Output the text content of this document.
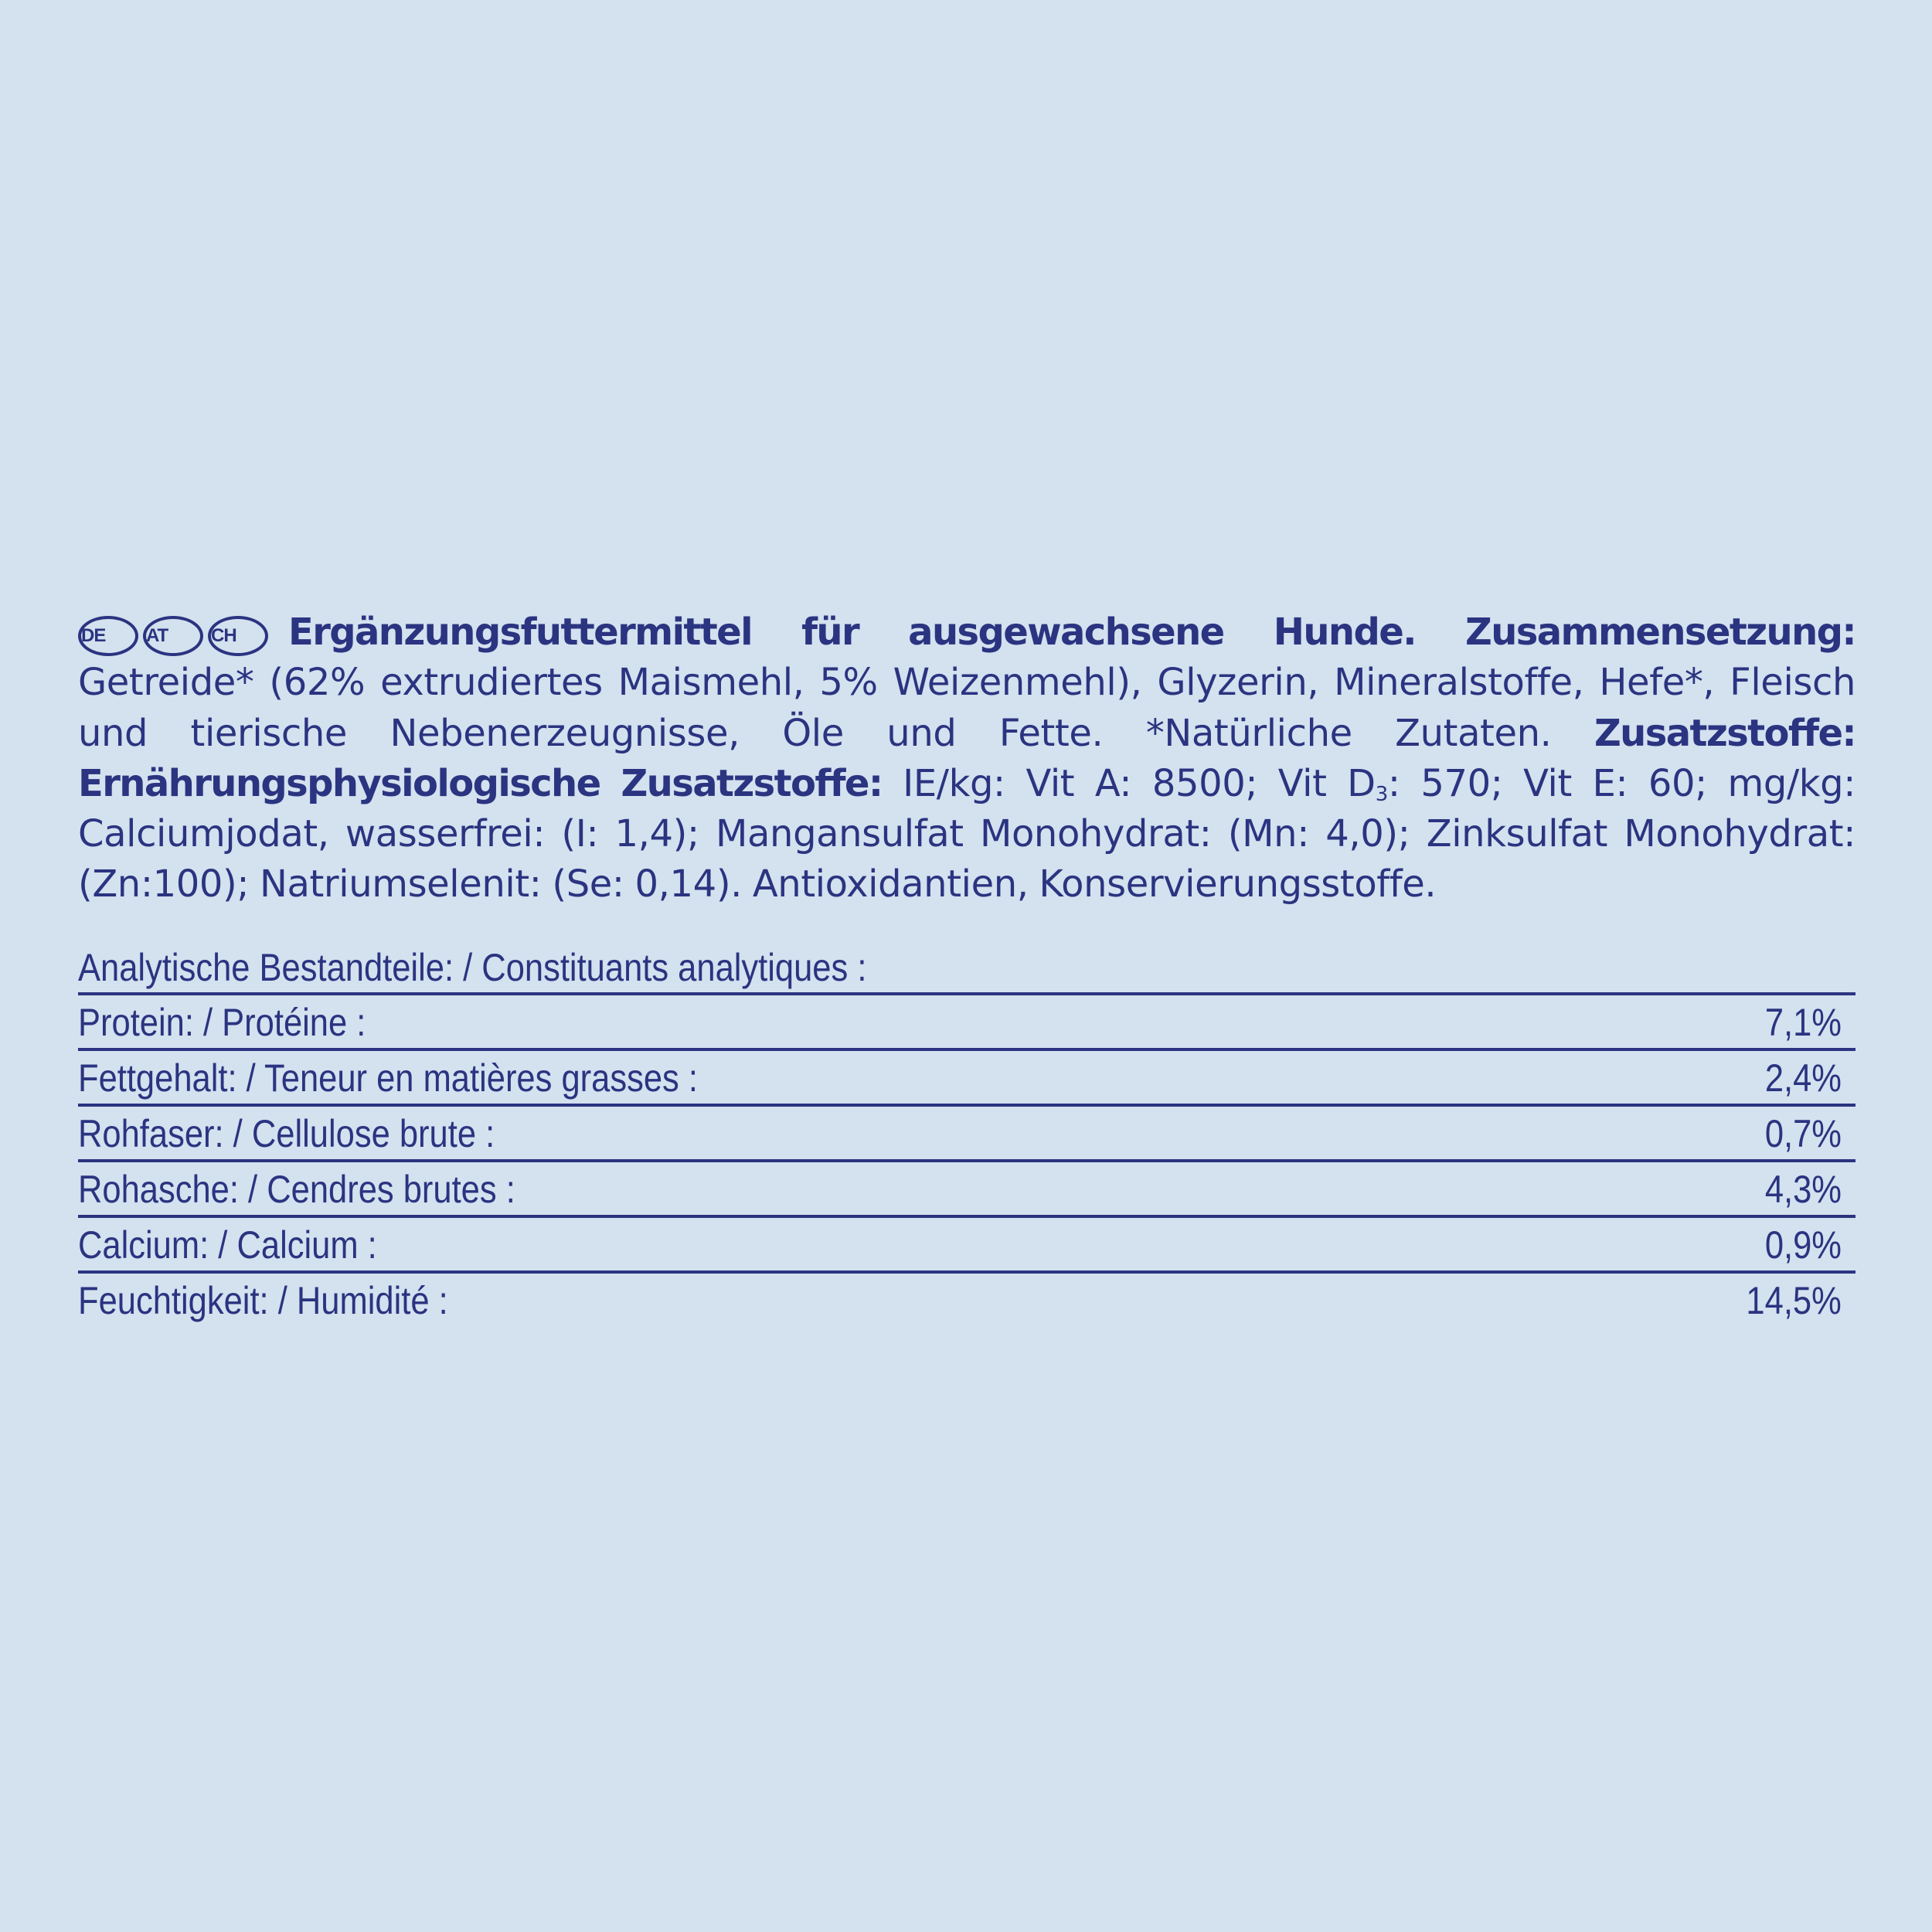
DE	AT	CH	Ergänzungsfuttermittel für ausgewachsene Hunde. Zusammensetzung: Getreide* (62% extrudiertes Maismehl, 5% Weizenmehl), Glyzerin, Mineralstoffe, Hefe*, Fleisch und tierische Nebenerzeugnisse, Öle und Fette. *Natürliche Zutaten. Zusatzstoffe: Ernährungsphysiologische Zusatzstoffe: IE/kg: Vit A: 8500; Vit $D_3$: 570; Vit E: 60; mg/kg: Calciumjodat, wasserfrei: (I: 1,4); Mangansulfat Monohydrat: (Mn: 4,0); Zinksulfat Monohydrat: (Zn:100); Natriumselenit: (Se: 0,14). Antioxidantien, Konservierungsstoffe.
Analytische Bestandteile: / Constituants analytiques :
Protein: / Protéine :	7,1%
Fettgehalt: / Teneur en matières grasses :	2,4%
Rohfaser: / Cellulose brute :	0,7%
Rohasche: / Cendres brutes :	4,3%
Calcium: / Calcium :	0,9%
Feuchtigkeit: / Humidité :	14,5%
